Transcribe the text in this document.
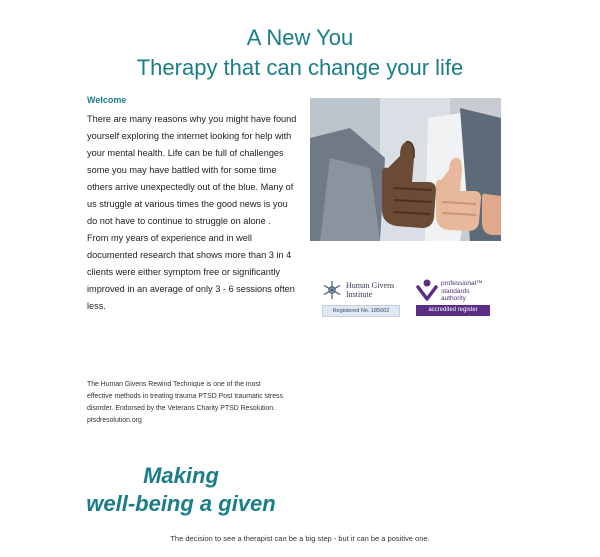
A New You
Therapy that can change your life
Welcome

There are many reasons why you might have found yourself exploring the internet looking for help with your mental health. Life can be full of challenges some you may have battled with for some time others arrive unexpectedly out of the blue. Many of us struggle at various times the good news is you do not have to continue to struggle on alone .

From my years of experience and in well documented research that shows more than 3 in 4 clients were either symptom free or significantly improved in an average of only 3 - 6 sessions often less.

Human Givens
Institute
Registered No. 185602
professional™
standards
authority
accredited register
The Human Givens Rewind Technique is one of the most effective methods in treating trauma PTSD Post traumatic stress disorder. Endorsed by the Veterans Charity PTSD Resolution. ptsdresolution.org
Making
well-being a given
The decision to see a therapist can be a big step - but it can be a positive one.
